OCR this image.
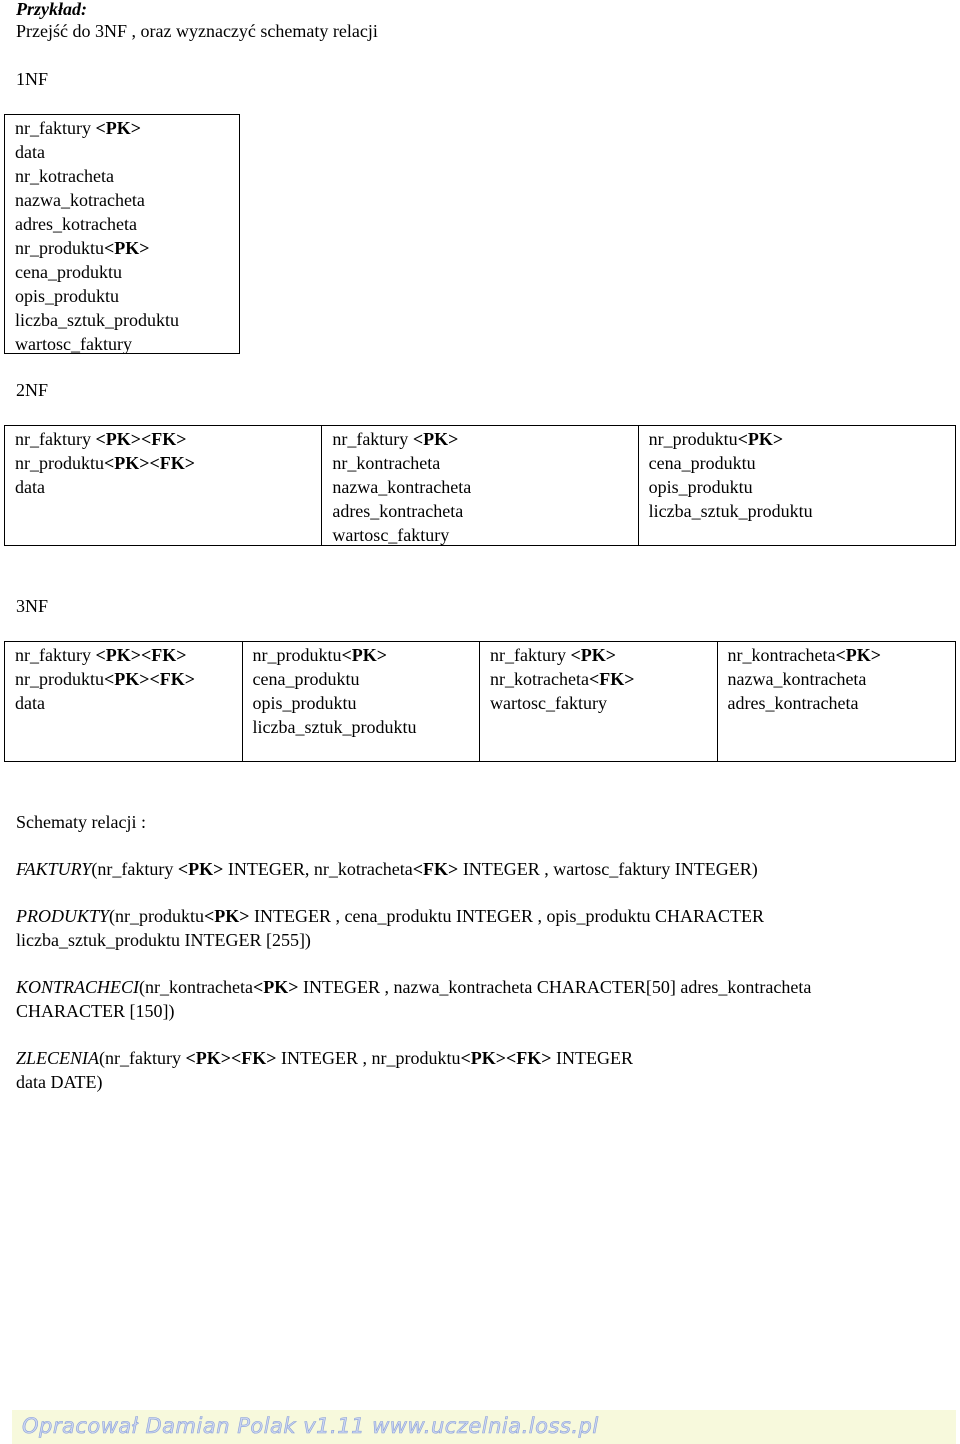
Przykład:
Przejść do 3NF , oraz wyznaczyć schematy relacji
1NF
nr_faktury <PK>
data
nr_kotracheta
nazwa_kotracheta
adres_kotracheta
nr_produktu<PK>
cena_produktu
opis_produktu
liczba_sztuk_produktu
wartosc_faktury
2NF
nr_faktury <PK><FK>
nr_produktu<PK><FK>
data
nr_faktury <PK>
nr_kontracheta
nazwa_kontracheta
adres_kontracheta
wartosc_faktury
nr_produktu<PK>
cena_produktu
opis_produktu
liczba_sztuk_produktu
3NF
nr_faktury <PK><FK>
nr_produktu<PK><FK>
data
nr_produktu<PK>
cena_produktu
opis_produktu
liczba_sztuk_produktu
nr_faktury <PK>
nr_kotracheta<FK>
wartosc_faktury
nr_kontracheta<PK>
nazwa_kontracheta
adres_kontracheta
Schematy relacji :
FAKTURY(nr_faktury <PK> INTEGER, nr_kotracheta<FK> INTEGER , wartosc_faktury INTEGER)
PRODUKTY(nr_produktu<PK> INTEGER , cena_produktu INTEGER , opis_produktu CHARACTER
liczba_sztuk_produktu INTEGER [255])
KONTRACHECI(nr_kontracheta<PK> INTEGER , nazwa_kontracheta CHARACTER[50] adres_kontracheta
CHARACTER [150])
ZLECENIA(nr_faktury <PK><FK> INTEGER , nr_produktu<PK><FK> INTEGER
data DATE)
Opracował Damian Polak v1.11 www.uczelnia.loss.pl
